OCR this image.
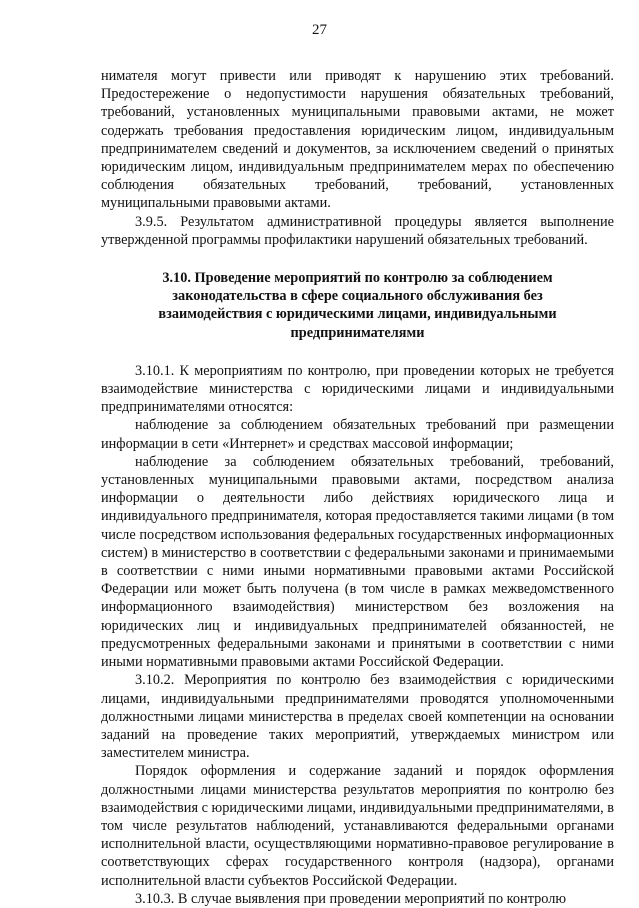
27

нимателя могут привести или приводят к нарушению этих требований. Предостережение о недопустимости нарушения обязательных требований, требований, установленных муниципальными правовыми актами, не может содержать требования предоставления юридическим лицом, индивидуальным предпринимателем сведений и документов, за исключением сведений о принятых юридическим лицом, индивидуальным предпринимателем мерах по обеспечению соблюдения обязательных требований, требований, установленных муниципальными правовыми актами.

3.9.5. Результатом административной процедуры является выполнение утвержденной программы профилактики нарушений обязательных требований.

3.10. Проведение мероприятий по контролю за соблюдением законодательства в сфере социального обслуживания без взаимодействия с юридическими лицами, индивидуальными предпринимателями

3.10.1. К мероприятиям по контролю, при проведении которых не требуется взаимодействие министерства с юридическими лицами и индивидуальными предпринимателями относятся:

наблюдение за соблюдением обязательных требований при размещении информации в сети «Интернет» и средствах массовой информации;

наблюдение за соблюдением обязательных требований, требований, установленных муниципальными правовыми актами, посредством анализа информации о деятельности либо действиях юридического лица и индивидуального предпринимателя, которая предоставляется такими лицами (в том числе посредством использования федеральных государственных информационных систем) в министерство в соответствии с федеральными законами и принимаемыми в соответствии с ними иными нормативными правовыми актами Российской Федерации или может быть получена (в том числе в рамках межведомственного информационного взаимодействия) министерством без возложения на юридических лиц и индивидуальных предпринимателей обязанностей, не предусмотренных федеральными законами и принятыми в соответствии с ними иными нормативными правовыми актами Российской Федерации.

3.10.2. Мероприятия по контролю без взаимодействия с юридическими лицами, индивидуальными предпринимателями проводятся уполномоченными должностными лицами министерства в пределах своей компетенции на основании заданий на проведение таких мероприятий, утверждаемых министром или заместителем министра.

Порядок оформления и содержание заданий и порядок оформления должностными лицами министерства результатов мероприятия по контролю без взаимодействия с юридическими лицами, индивидуальными предпринимателями, в том числе результатов наблюдений, устанавливаются федеральными органами исполнительной власти, осуществляющими нормативно-правовое регулирование в соответствующих сферах государственного контроля (надзора), органами исполнительной власти субъектов Российской Федерации.

3.10.3. В случае выявления при проведении мероприятий по контролю
